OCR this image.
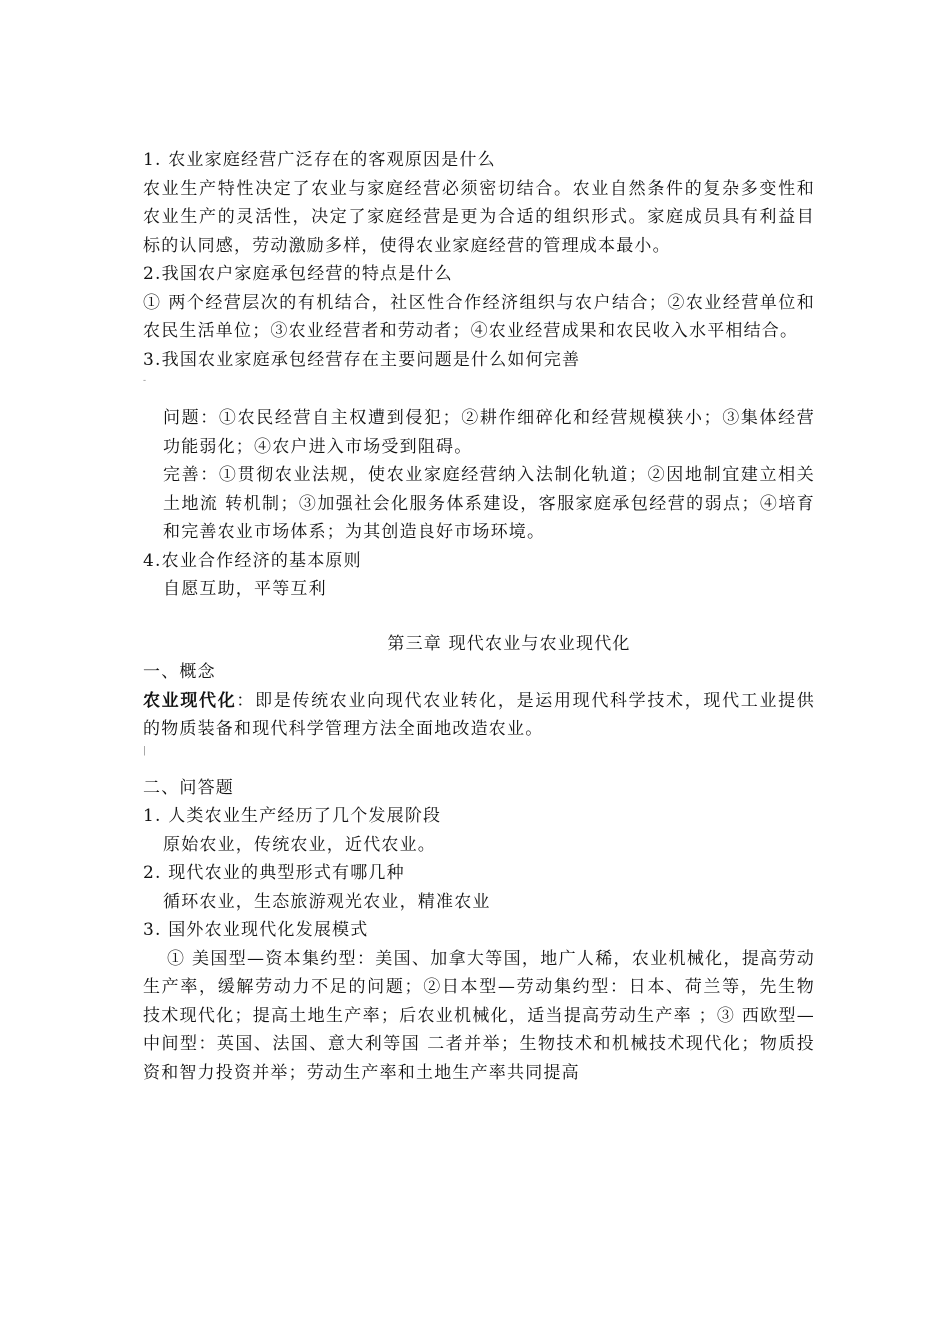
1. 农业家庭经营广泛存在的客观原因是什么

农业生产特性决定了农业与家庭经营必须密切结合。农业自然条件的复杂多变性和农业生产的灵活性，决定了家庭经营是更为合适的组织形式。家庭成员具有利益目标的认同感，劳动激励多样，使得农业家庭经营的管理成本最小。

2.我国农户家庭承包经营的特点是什么

① 两个经营层次的有机结合，社区性合作经济组织与农户结合；②农业经营单位和农民生活单位；③农业经营者和劳动者；④农业经营成果和农民收入水平相结合。

3.我国农业家庭承包经营存在主要问题是什么如何完善

-

问题：①农民经营自主权遭到侵犯；②耕作细碎化和经营规模狭小；③集体经营功能弱化；④农户进入市场受到阻碍。

完善：①贯彻农业法规，使农业家庭经营纳入法制化轨道；②因地制宜建立相关土地流 转机制；③加强社会化服务体系建设，客服家庭承包经营的弱点；④培育和完善农业市场体系；为其创造良好市场环境。

4.农业合作经济的基本原则

自愿互助，平等互利

第三章 现代农业与农业现代化

一、概念

农业现代化：即是传统农业向现代农业转化，是运用现代科学技术，现代工业提供的物质装备和现代科学管理方法全面地改造农业。

|

二、问答题

1. 人类农业生产经历了几个发展阶段

原始农业，传统农业，近代农业。

2. 现代农业的典型形式有哪几种

循环农业，生态旅游观光农业，精准农业

3. 国外农业现代化发展模式

① 美国型—资本集约型：美国、加拿大等国，地广人稀，农业机械化，提高劳动生产率，缓解劳动力不足的问题；②日本型—劳动集约型：日本、荷兰等，先生物技术现代化；提高土地生产率；后农业机械化，适当提高劳动生产率 ；③ 西欧型—中间型：英国、法国、意大利等国 二者并举；生物技术和机械技术现代化；物质投资和智力投资并举；劳动生产率和土地生产率共同提高
